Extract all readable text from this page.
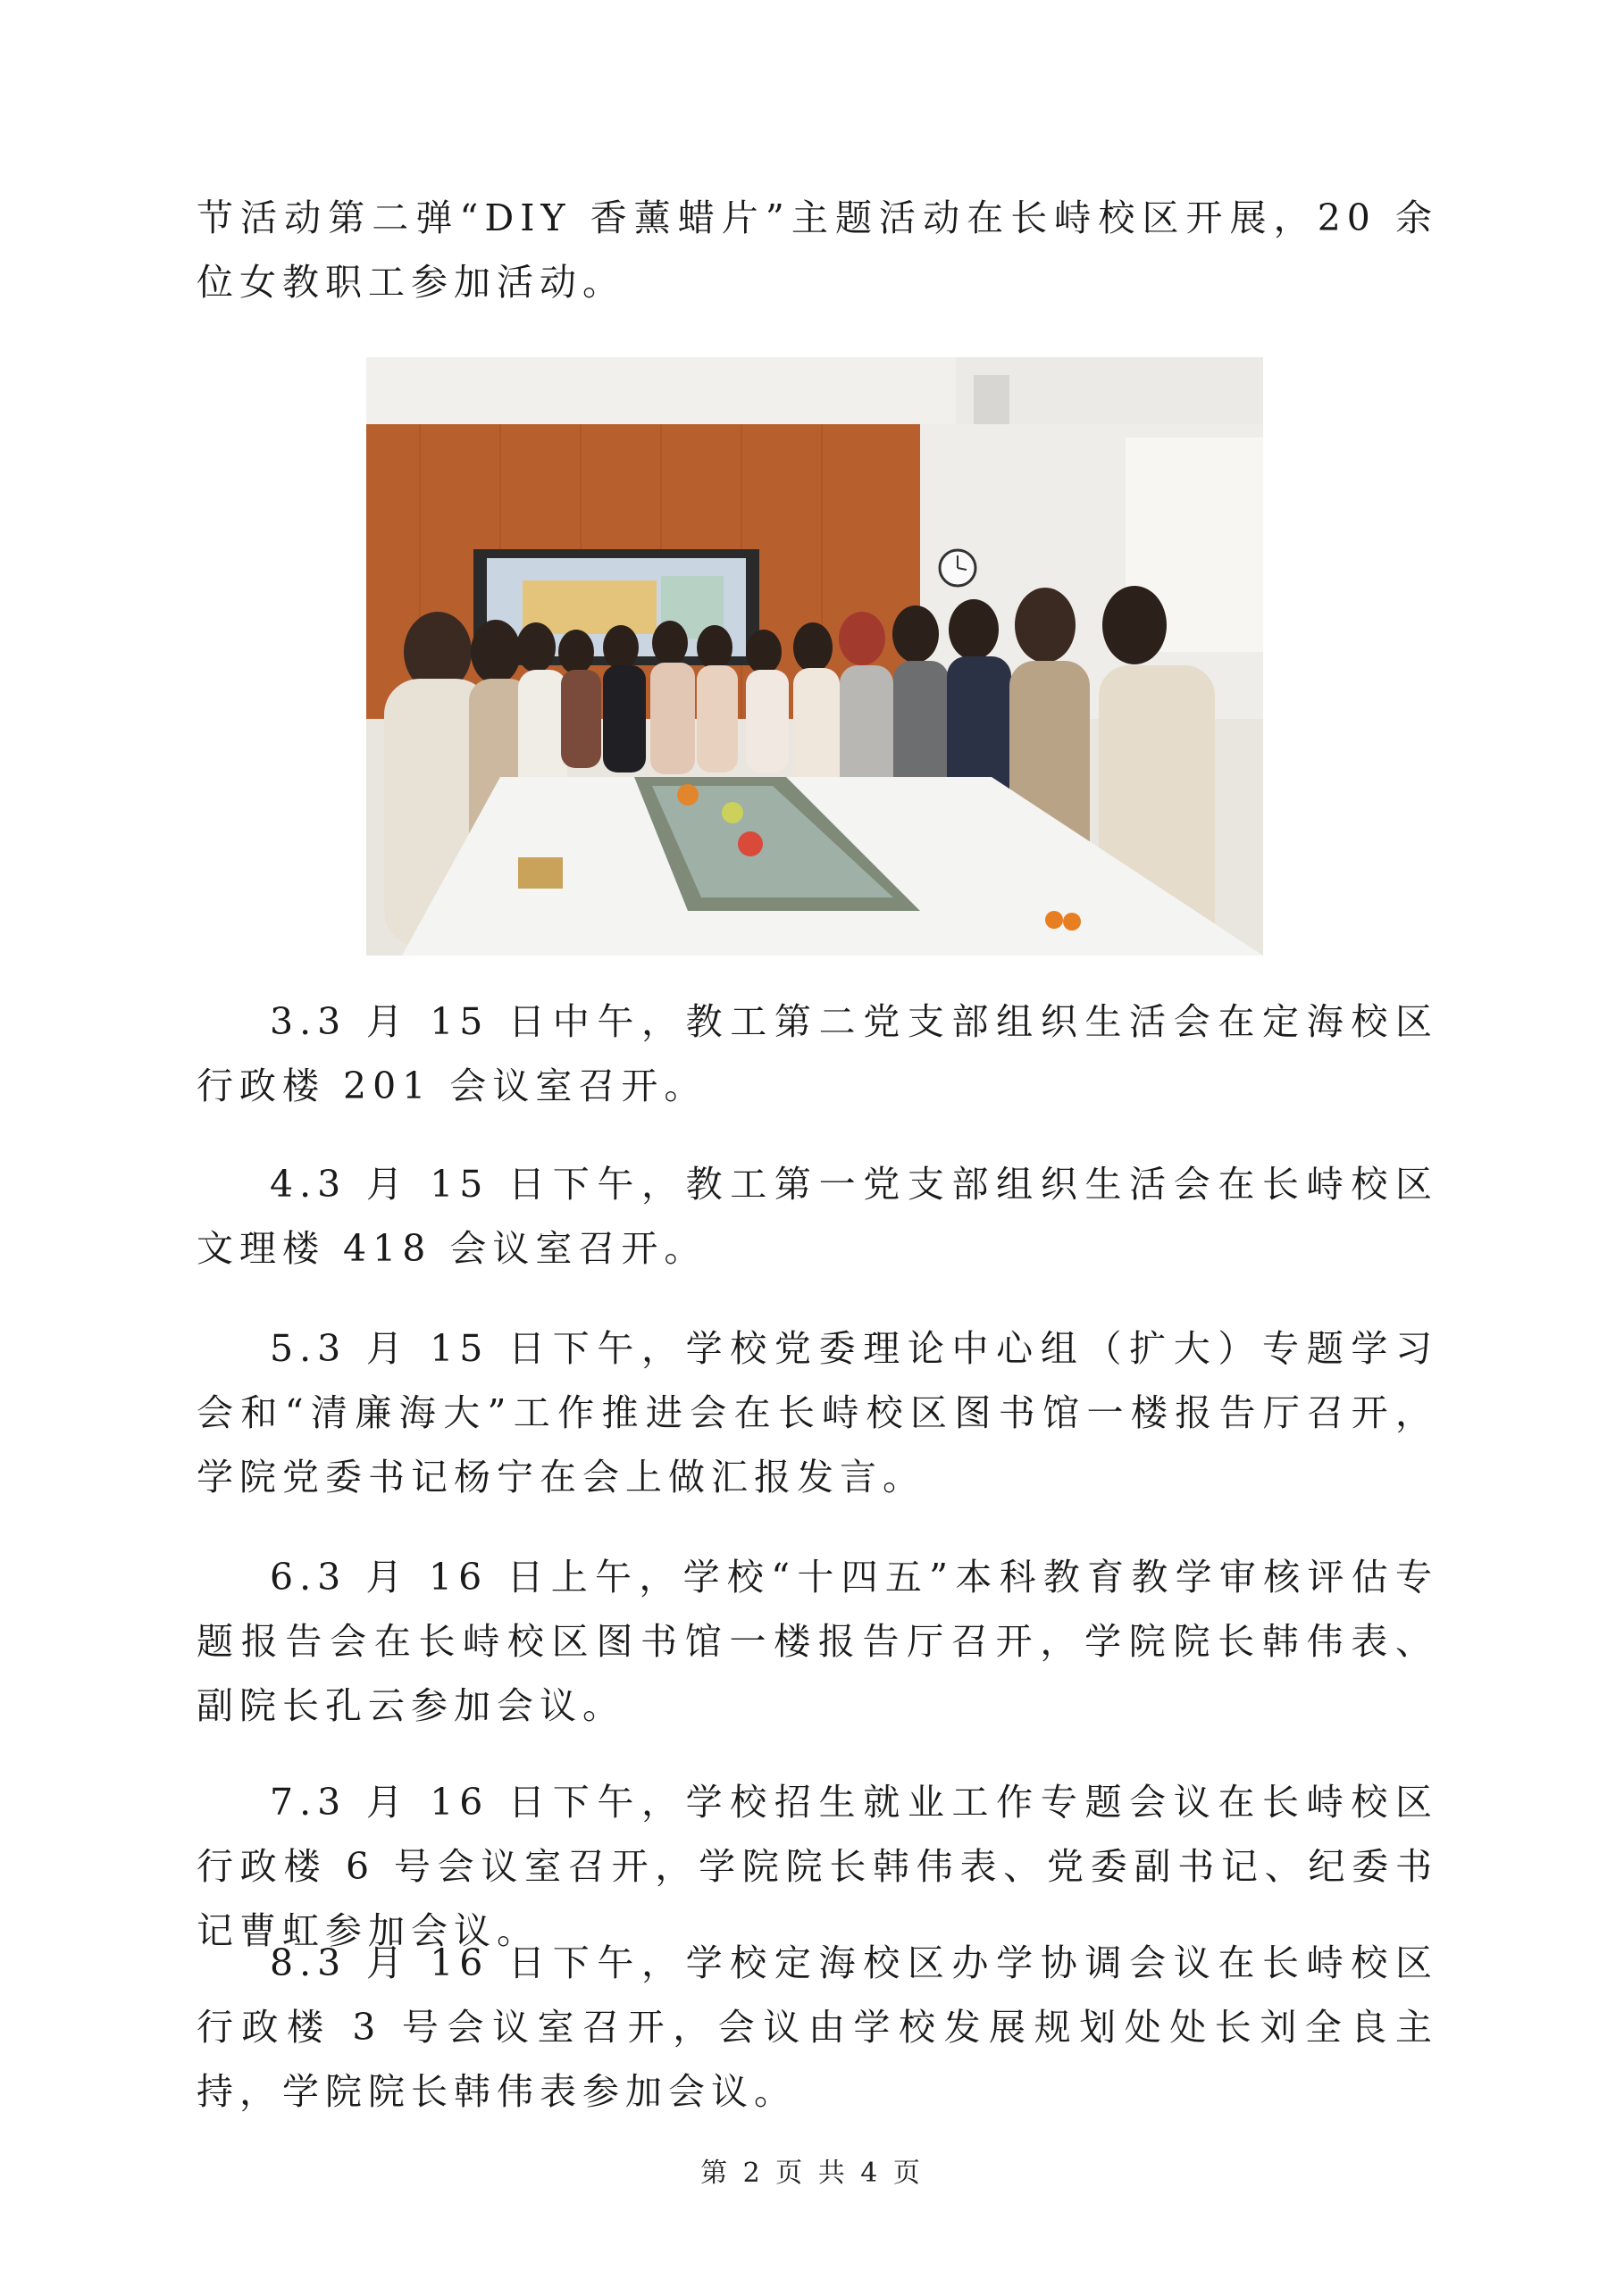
节活动第二弹“DIY 香薰蜡片”主题活动在长峙校区开展，20 余位女教职工参加活动。

3.3 月 15 日中午，教工第二党支部组织生活会在定海校区行政楼 201 会议室召开。

4.3 月 15 日下午，教工第一党支部组织生活会在长峙校区文理楼 418 会议室召开。

5.3 月 15 日下午，学校党委理论中心组（扩大）专题学习会和“清廉海大”工作推进会在长峙校区图书馆一楼报告厅召开，学院党委书记杨宁在会上做汇报发言。

6.3 月 16 日上午，学校“十四五”本科教育教学审核评估专题报告会在长峙校区图书馆一楼报告厅召开，学院院长韩伟表、副院长孔云参加会议。

7.3 月 16 日下午，学校招生就业工作专题会议在长峙校区行政楼 6 号会议室召开，学院院长韩伟表、党委副书记、纪委书记曹虹参加会议。

8.3 月 16 日下午，学校定海校区办学协调会议在长峙校区行政楼 3 号会议室召开，会议由学校发展规划处处长刘全良主持，学院院长韩伟表参加会议。

第 2 页 共 4 页
